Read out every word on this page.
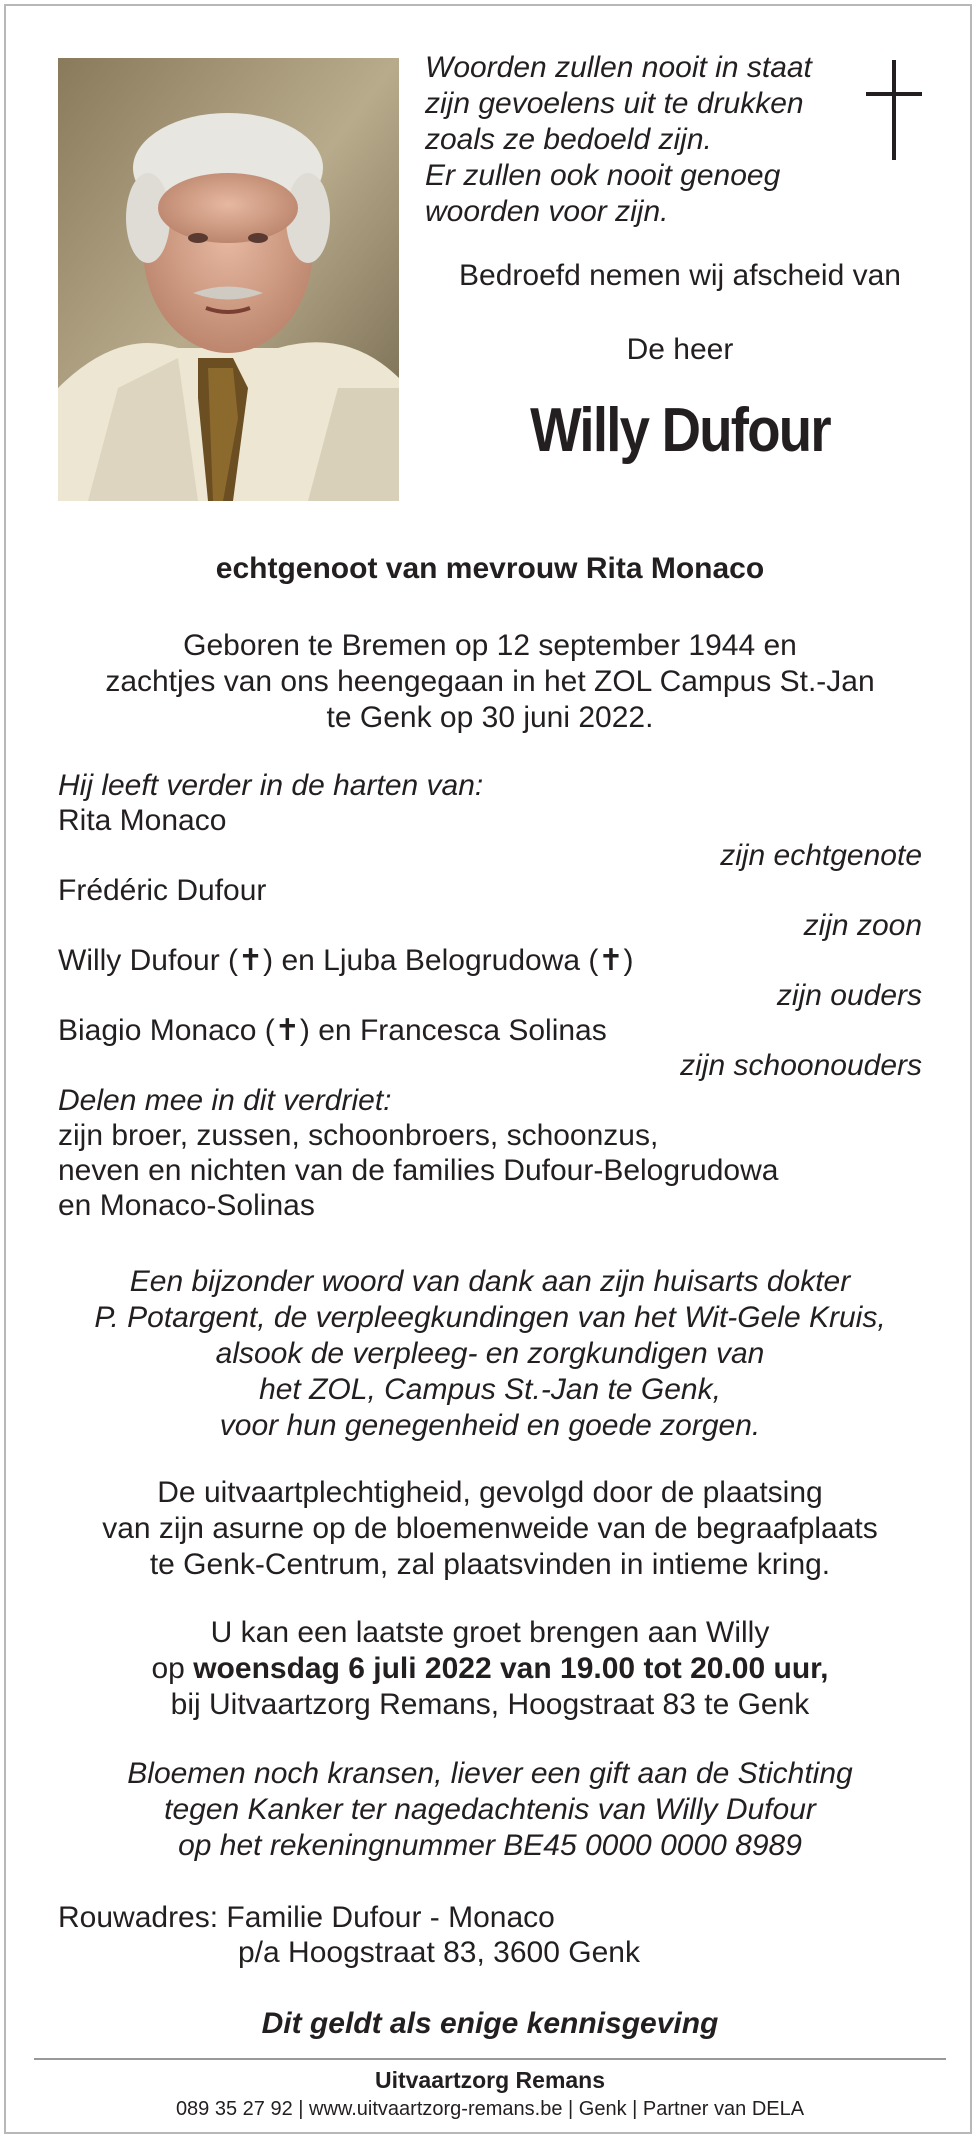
Woorden zullen nooit in staat
zijn gevoelens uit te drukken
zoals ze bedoeld zijn.
Er zullen ook nooit genoeg
woorden voor zijn.
Bedroefd nemen wij afscheid van
De heer
Willy Dufour
echtgenoot van mevrouw Rita Monaco
Geboren te Bremen op 12 september 1944 en
zachtjes van ons heengegaan in het ZOL Campus St.-Jan
te Genk op 30 juni 2022.
Hij leeft verder in de harten van:
Rita Monaco
zijn echtgenote
Frédéric Dufour
zijn zoon
Willy Dufour (✝) en Ljuba Belogrudowa (✝)
zijn ouders
Biagio Monaco (✝) en Francesca Solinas
zijn schoonouders
Delen mee in dit verdriet:
zijn broer, zussen, schoonbroers, schoonzus,
neven en nichten van de families Dufour-Belogrudowa
en Monaco-Solinas
Een bijzonder woord van dank aan zijn huisarts dokter
P. Potargent, de verpleegkundingen van het Wit-Gele Kruis,
alsook de verpleeg- en zorgkundigen van
het ZOL, Campus St.-Jan te Genk,
voor hun genegenheid en goede zorgen.
De uitvaartplechtigheid, gevolgd door de plaatsing
van zijn asurne op de bloemenweide van de begraafplaats
te Genk-Centrum, zal plaatsvinden in intieme kring.
U kan een laatste groet brengen aan Willy
op woensdag 6 juli 2022 van 19.00 tot 20.00 uur,
bij Uitvaartzorg Remans, Hoogstraat 83 te Genk
Bloemen noch kransen, liever een gift aan de Stichting
tegen Kanker ter nagedachtenis van Willy Dufour
op het rekeningnummer BE45 0000 0000 8989
Rouwadres: Familie Dufour - Monaco
p/a Hoogstraat 83, 3600 Genk
Dit geldt als enige kennisgeving
Uitvaartzorg Remans
089 35 27 92 | www.uitvaartzorg-remans.be | Genk | Partner van DELA
